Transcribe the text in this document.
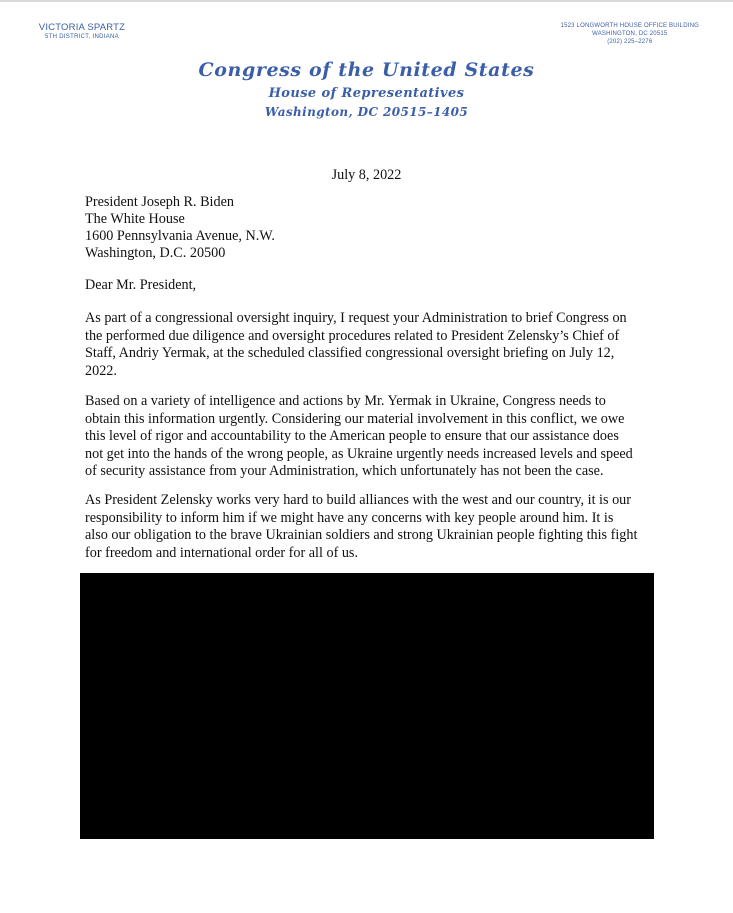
VICTORIA SPARTZ
5TH DISTRICT, INDIANA
1523 LONGWORTH HOUSE OFFICE BUILDING
WASHINGTON, DC 20515
(202) 225–2276
Congress of the United States
House of Representatives
Washington, DC 20515–1405
July 8, 2022
President Joseph R. Biden
The White House
1600 Pennsylvania Avenue, N.W.
Washington, D.C. 20500
Dear Mr. President,
As part of a congressional oversight inquiry, I request your Administration to brief Congress on
the performed due diligence and oversight procedures related to President Zelensky’s Chief of
Staff, Andriy Yermak, at the scheduled classified congressional oversight briefing on July 12,
2022.
Based on a variety of intelligence and actions by Mr. Yermak in Ukraine, Congress needs to
obtain this information urgently. Considering our material involvement in this conflict, we owe
this level of rigor and accountability to the American people to ensure that our assistance does
not get into the hands of the wrong people, as Ukraine urgently needs increased levels and speed
of security assistance from your Administration, which unfortunately has not been the case.
As President Zelensky works very hard to build alliances with the west and our country, it is our
responsibility to inform him if we might have any concerns with key people around him. It is
also our obligation to the brave Ukrainian soldiers and strong Ukrainian people fighting this fight
for freedom and international order for all of us.
